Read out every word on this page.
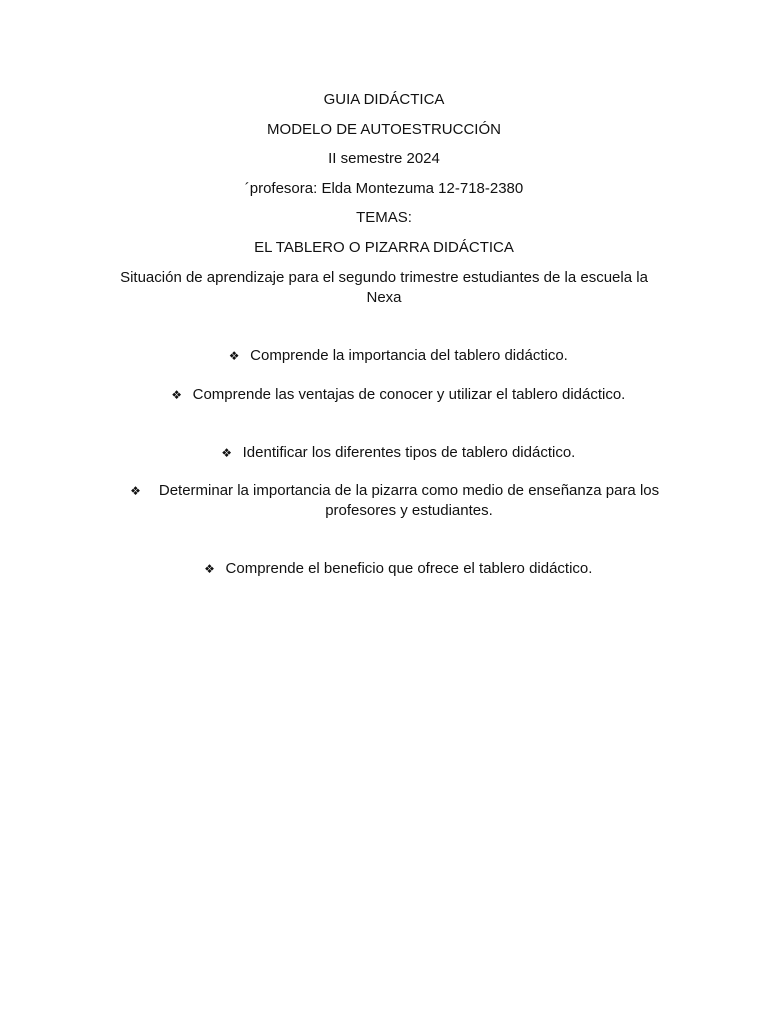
GUIA DIDÁCTICA
MODELO DE AUTOESTRUCCIÓN
II semestre 2024
´profesora: Elda Montezuma 12-718-2380
TEMAS:
EL TABLERO O PIZARRA DIDÁCTICA
Situación de aprendizaje para el segundo trimestre estudiantes de la escuela la Nexa
❖
Comprende la importancia del tablero didáctico.
❖
Comprende las ventajas de conocer y utilizar el tablero didáctico.
❖
Identificar los diferentes tipos de tablero didáctico.
❖
Determinar la importancia de la pizarra como medio de enseñanza para los profesores y estudiantes.
❖
Comprende el beneficio que ofrece el tablero didáctico.
